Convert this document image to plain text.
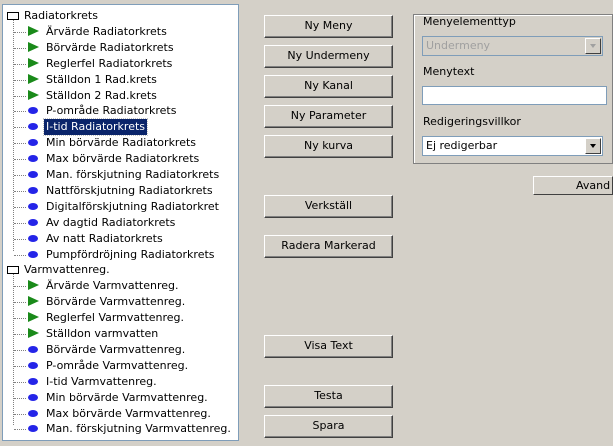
Radiatorkrets
Ärvärde Radiatorkrets
Börvärde Radiatorkrets
Reglerfel Radiatorkrets
Ställdon 1 Rad.krets
Ställdon 2 Rad.krets
P-område Radiatorkrets
I-tid Radiatorkrets
Min börvärde Radiatorkrets
Max börvärde Radiatorkrets
Man. förskjutning Radiatorkrets
Nattförskjutning Radiatorkrets
Digitalförskjutning Radiatorkret
Av dagtid Radiatorkrets
Av natt Radiatorkrets
Pumpfördröjning Radiatorkrets
Varmvattenreg.
Ärvärde Varmvattenreg.
Börvärde Varmvattenreg.
Reglerfel Varmvattenreg.
Ställdon varmvatten
Börvärde Varmvattenreg.
P-område Varmvattenreg.
I-tid Varmvattenreg.
Min börvärde Varmvattenreg.
Max börvärde Varmvattenreg.
Man. förskjutning Varmvattenreg.
Ny Meny
Ny Undermeny
Ny Kanal
Ny Parameter
Ny kurva
Verkställ
Radera Markerad
Visa Text
Testa
Spara
Menyelementtyp
Undermeny
Menytext
Redigeringsvillkor
Ej redigerbar
Avand
